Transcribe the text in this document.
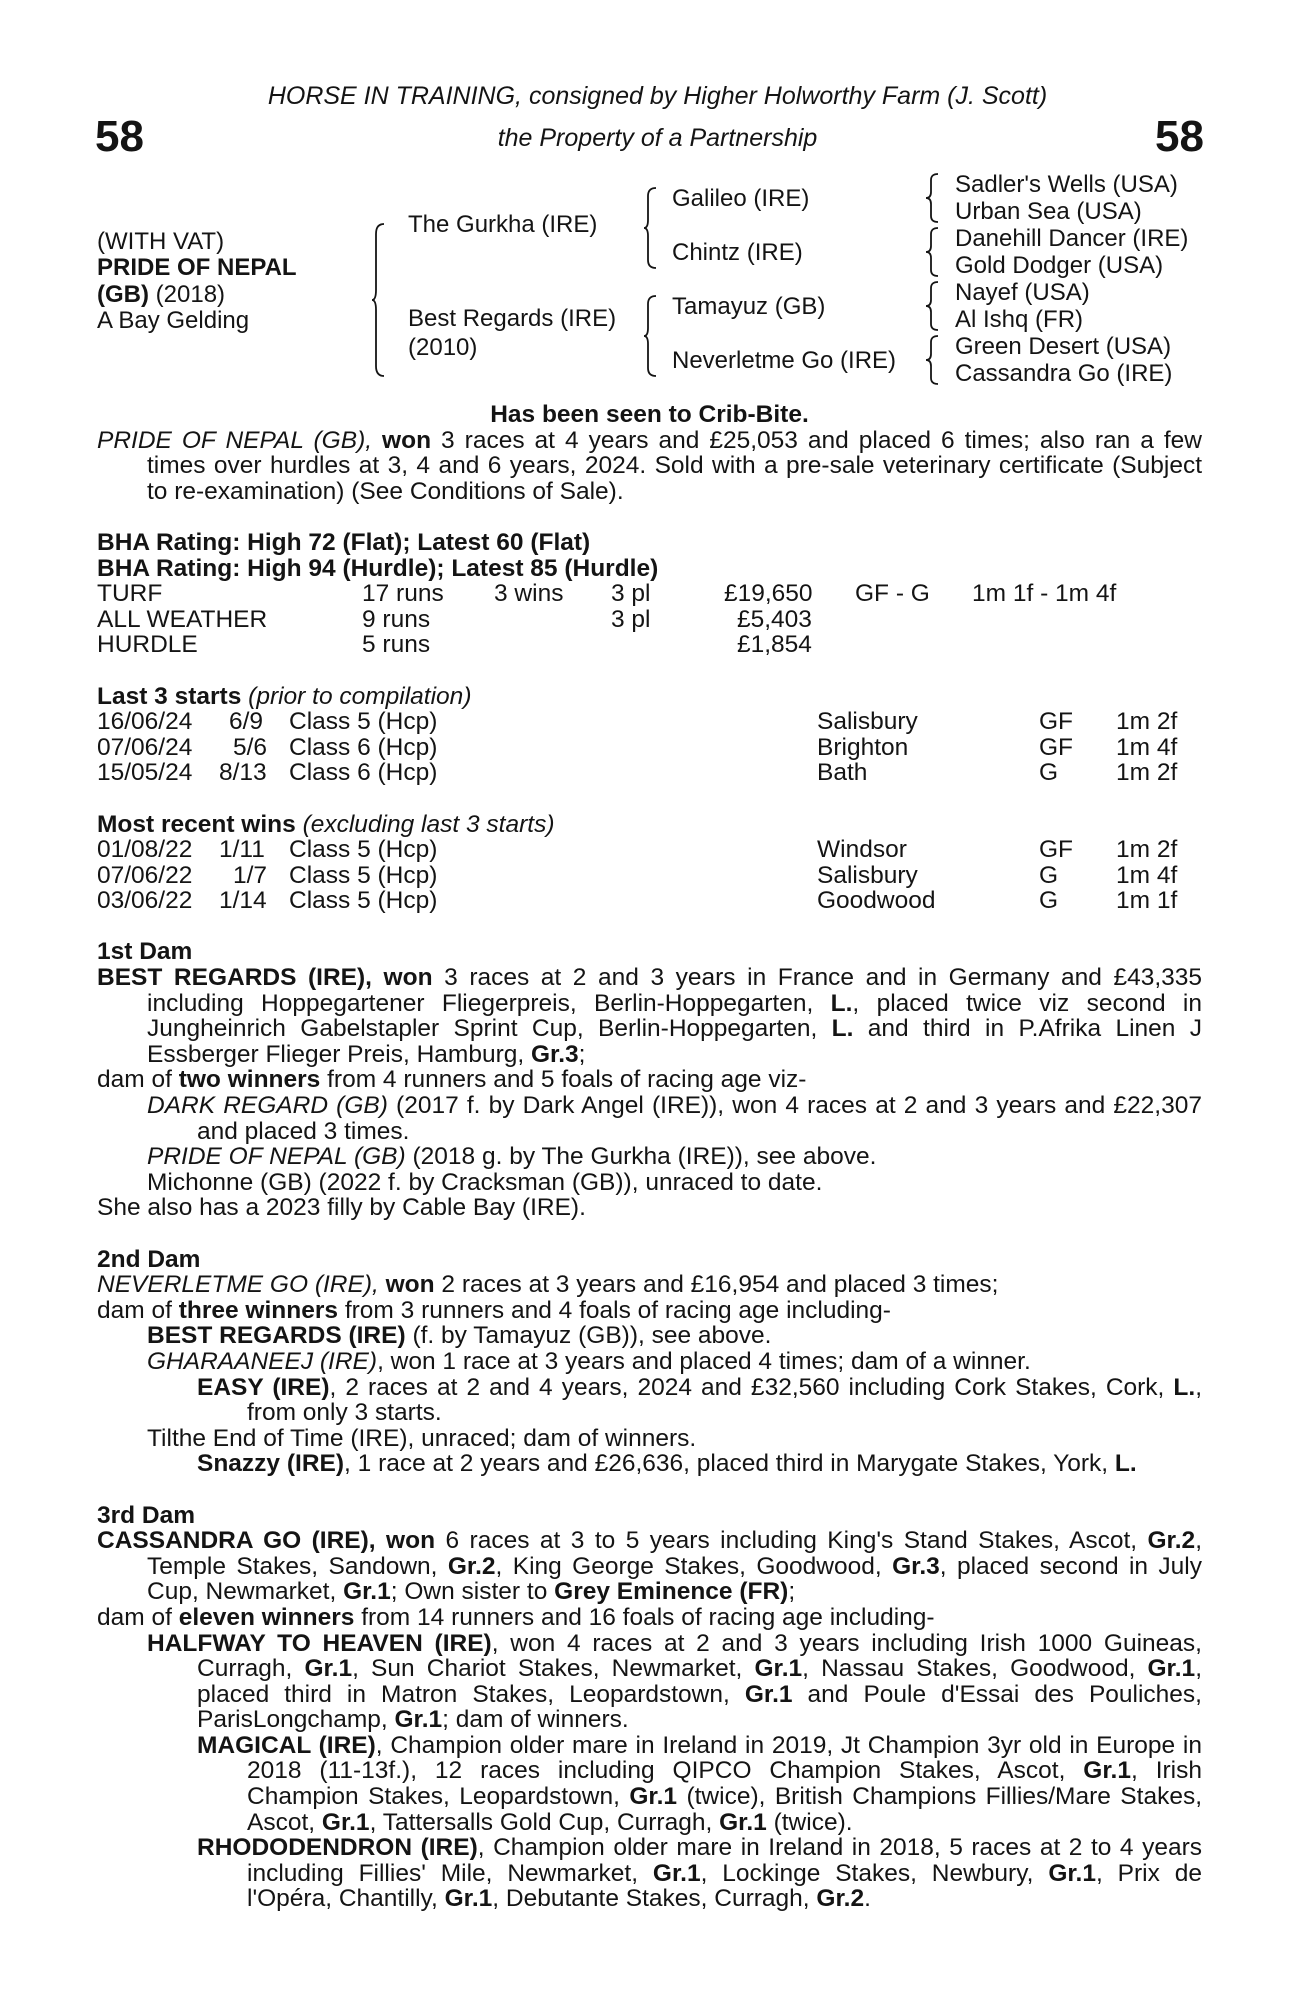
58	58
HORSE IN TRAINING, consigned by Higher Holworthy Farm (J. Scott)
the Property of a Partnership
(WITH VAT)
PRIDE OF NEPAL
(GB) (2018)
A Bay Gelding
The Gurkha (IRE)
Best Regards (IRE)
(2010)
Galileo (IRE)
Chintz (IRE)
Tamayuz (GB)
Neverletme Go (IRE)
Sadler's Wells (USA)
Urban Sea (USA)
Danehill Dancer (IRE)
Gold Dodger (USA)
Nayef (USA)
Al Ishq (FR)
Green Desert (USA)
Cassandra Go (IRE)
Has been seen to Crib-Bite.
PRIDE OF NEPAL (GB), won 3 races at 4 years and £25,053 and placed 6 times; also ran a few times over hurdles at 3, 4 and 6 years, 2024. Sold with a pre-sale veterinary certificate (Subject to re-examination) (See Conditions of Sale).
BHA Rating: High 72 (Flat); Latest 60 (Flat)
BHA Rating: High 94 (Hurdle); Latest 85 (Hurdle)
TURF	17 runs 3 wins 3 pl	£19,650 GF - G 1m 1f - 1m 4f
ALL WEATHER	9 runs	3 pl	£5,403
HURDLE	5 runs	£1,854
Last 3 starts (prior to compilation)
16/06/24 6/9 Class 5 (Hcp)	Salisbury	GF 1m 2f
07/06/24 5/6 Class 6 (Hcp)	Brighton	GF 1m 4f
15/05/24 8/13 Class 6 (Hcp)	Bath	G 1m 2f
Most recent wins (excluding last 3 starts)
01/08/22 1/11 Class 5 (Hcp)	Windsor	GF 1m 2f
07/06/22 1/7 Class 5 (Hcp)	Salisbury	G 1m 4f
03/06/22 1/14 Class 5 (Hcp)	Goodwood	G 1m 1f
1st Dam
BEST REGARDS (IRE), won 3 races at 2 and 3 years in France and in Germany and £43,335 including Hoppegartener Fliegerpreis, Berlin-Hoppegarten, L., placed twice viz second in Jungheinrich Gabelstapler Sprint Cup, Berlin-Hoppegarten, L. and third in P.Afrika Linen J Essberger Flieger Preis, Hamburg, Gr.3;
dam of two winners from 4 runners and 5 foals of racing age viz-
DARK REGARD (GB) (2017 f. by Dark Angel (IRE)), won 4 races at 2 and 3 years and £22,307 and placed 3 times.
PRIDE OF NEPAL (GB) (2018 g. by The Gurkha (IRE)), see above.
Michonne (GB) (2022 f. by Cracksman (GB)), unraced to date.
She also has a 2023 filly by Cable Bay (IRE).
2nd Dam
NEVERLETME GO (IRE), won 2 races at 3 years and £16,954 and placed 3 times;
dam of three winners from 3 runners and 4 foals of racing age including-
BEST REGARDS (IRE) (f. by Tamayuz (GB)), see above.
GHARAANEEJ (IRE), won 1 race at 3 years and placed 4 times; dam of a winner.
EASY (IRE), 2 races at 2 and 4 years, 2024 and £32,560 including Cork Stakes, Cork, L., from only 3 starts.
Tilthe End of Time (IRE), unraced; dam of winners.
Snazzy (IRE), 1 race at 2 years and £26,636, placed third in Marygate Stakes, York, L.
3rd Dam
CASSANDRA GO (IRE), won 6 races at 3 to 5 years including King's Stand Stakes, Ascot, Gr.2, Temple Stakes, Sandown, Gr.2, King George Stakes, Goodwood, Gr.3, placed second in July Cup, Newmarket, Gr.1; Own sister to Grey Eminence (FR);
dam of eleven winners from 14 runners and 16 foals of racing age including-
HALFWAY TO HEAVEN (IRE), won 4 races at 2 and 3 years including Irish 1000 Guineas, Curragh, Gr.1, Sun Chariot Stakes, Newmarket, Gr.1, Nassau Stakes, Goodwood, Gr.1, placed third in Matron Stakes, Leopardstown, Gr.1 and Poule d'Essai des Pouliches, ParisLongchamp, Gr.1; dam of winners.
MAGICAL (IRE), Champion older mare in Ireland in 2019, Jt Champion 3yr old in Europe in 2018 (11-13f.), 12 races including QIPCO Champion Stakes, Ascot, Gr.1, Irish Champion Stakes, Leopardstown, Gr.1 (twice), British Champions Fillies/Mare Stakes, Ascot, Gr.1, Tattersalls Gold Cup, Curragh, Gr.1 (twice).
RHODODENDRON (IRE), Champion older mare in Ireland in 2018, 5 races at 2 to 4 years including Fillies' Mile, Newmarket, Gr.1, Lockinge Stakes, Newbury, Gr.1, Prix de l'Opéra, Chantilly, Gr.1, Debutante Stakes, Curragh, Gr.2.
